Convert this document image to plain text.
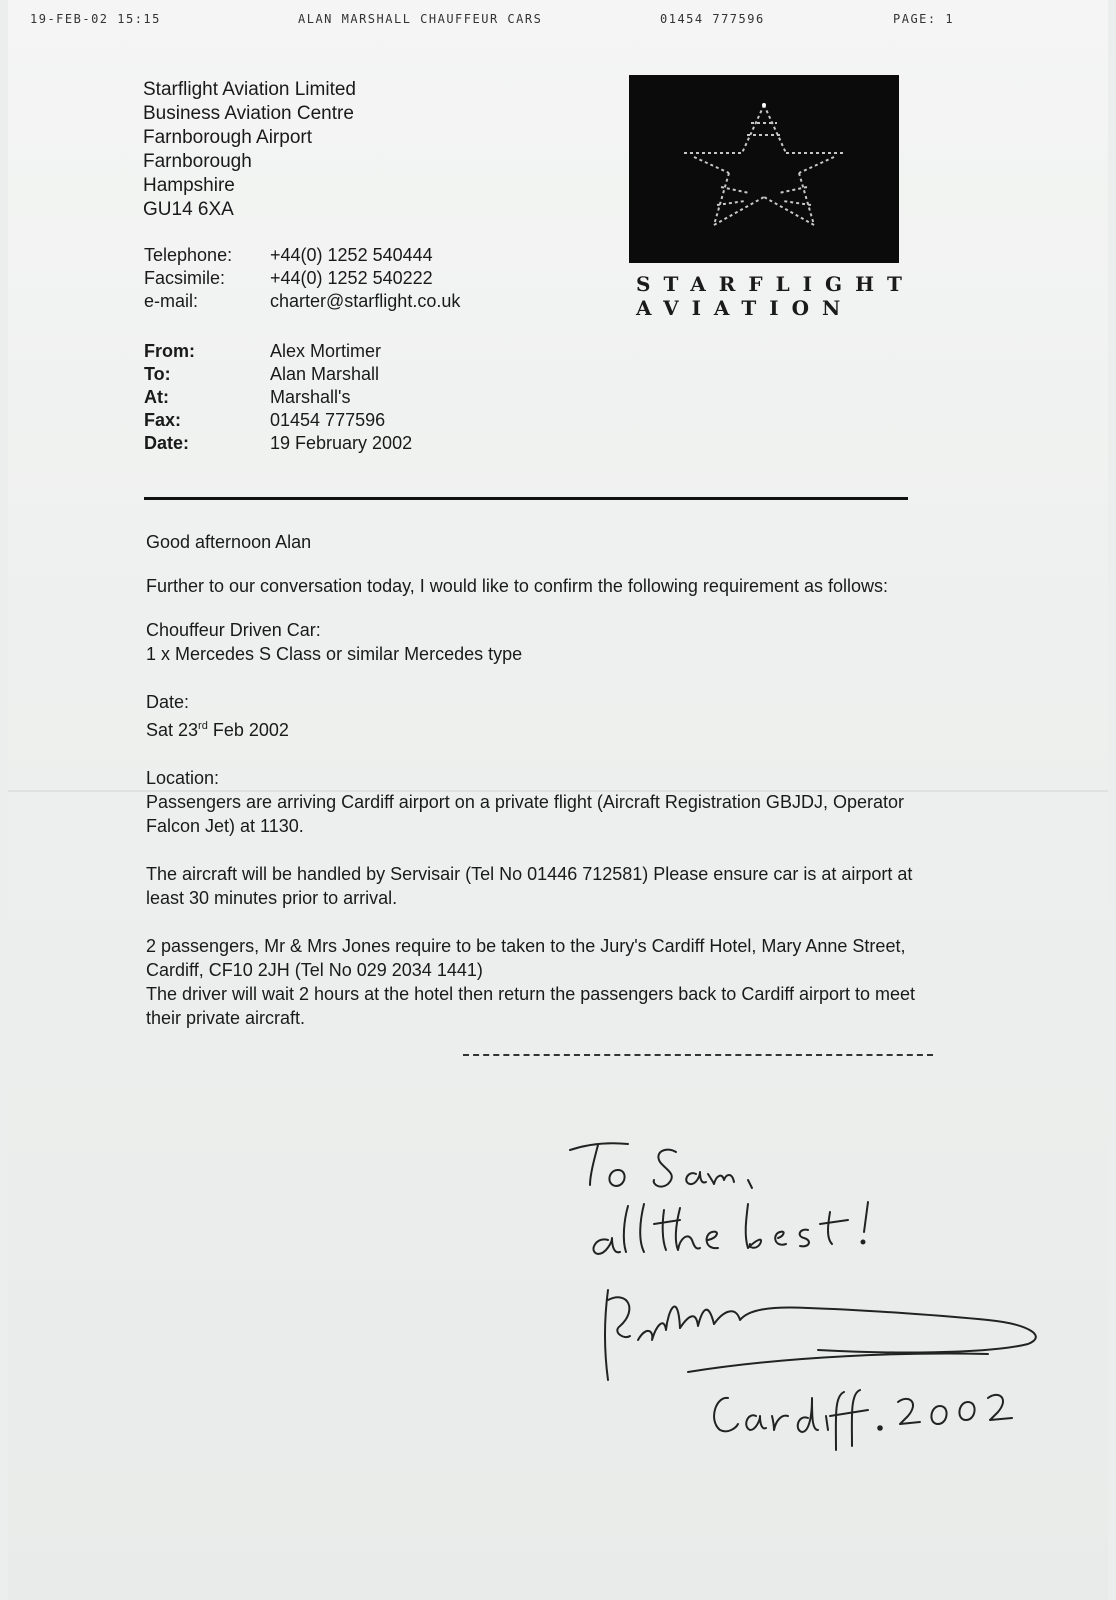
19-FEB-02 15:15	ALAN MARSHALL CHAUFFEUR CARS	01454 777596	PAGE: 1
Starflight Aviation Limited
Business Aviation Centre
Farnborough Airport
Farnborough
Hampshire
GU14 6XA
Telephone:	+44(0) 1252 540444
Facsimile:	+44(0) 1252 540222
e-mail:	charter@starflight.co.uk
STARFLIGHT
AVIATION
From:	Alex Mortimer
To:	Alan Marshall
At:	Marshall's
Fax:	01454 777596
Date:	19 February 2002

Good afternoon Alan

Further to our conversation today, I would like to confirm the following requirement as follows:

Chouffeur Driven Car:
1 x Mercedes S Class or similar Mercedes type

Date:
Sat 23rd Feb 2002

Location:
Passengers are arriving Cardiff airport on a private flight (Aircraft Registration GBJDJ, Operator Falcon Jet) at 1130.

The aircraft will be handled by Servisair (Tel No 01446 712581) Please ensure car is at airport at least 30 minutes prior to arrival.

2 passengers, Mr & Mrs Jones require to be taken to the Jury's Cardiff Hotel, Mary Anne Street, Cardiff, CF10 2JH (Tel No 029 2034 1441)
The driver will wait 2 hours at the hotel then return the passengers back to Cardiff airport to meet their private aircraft.
